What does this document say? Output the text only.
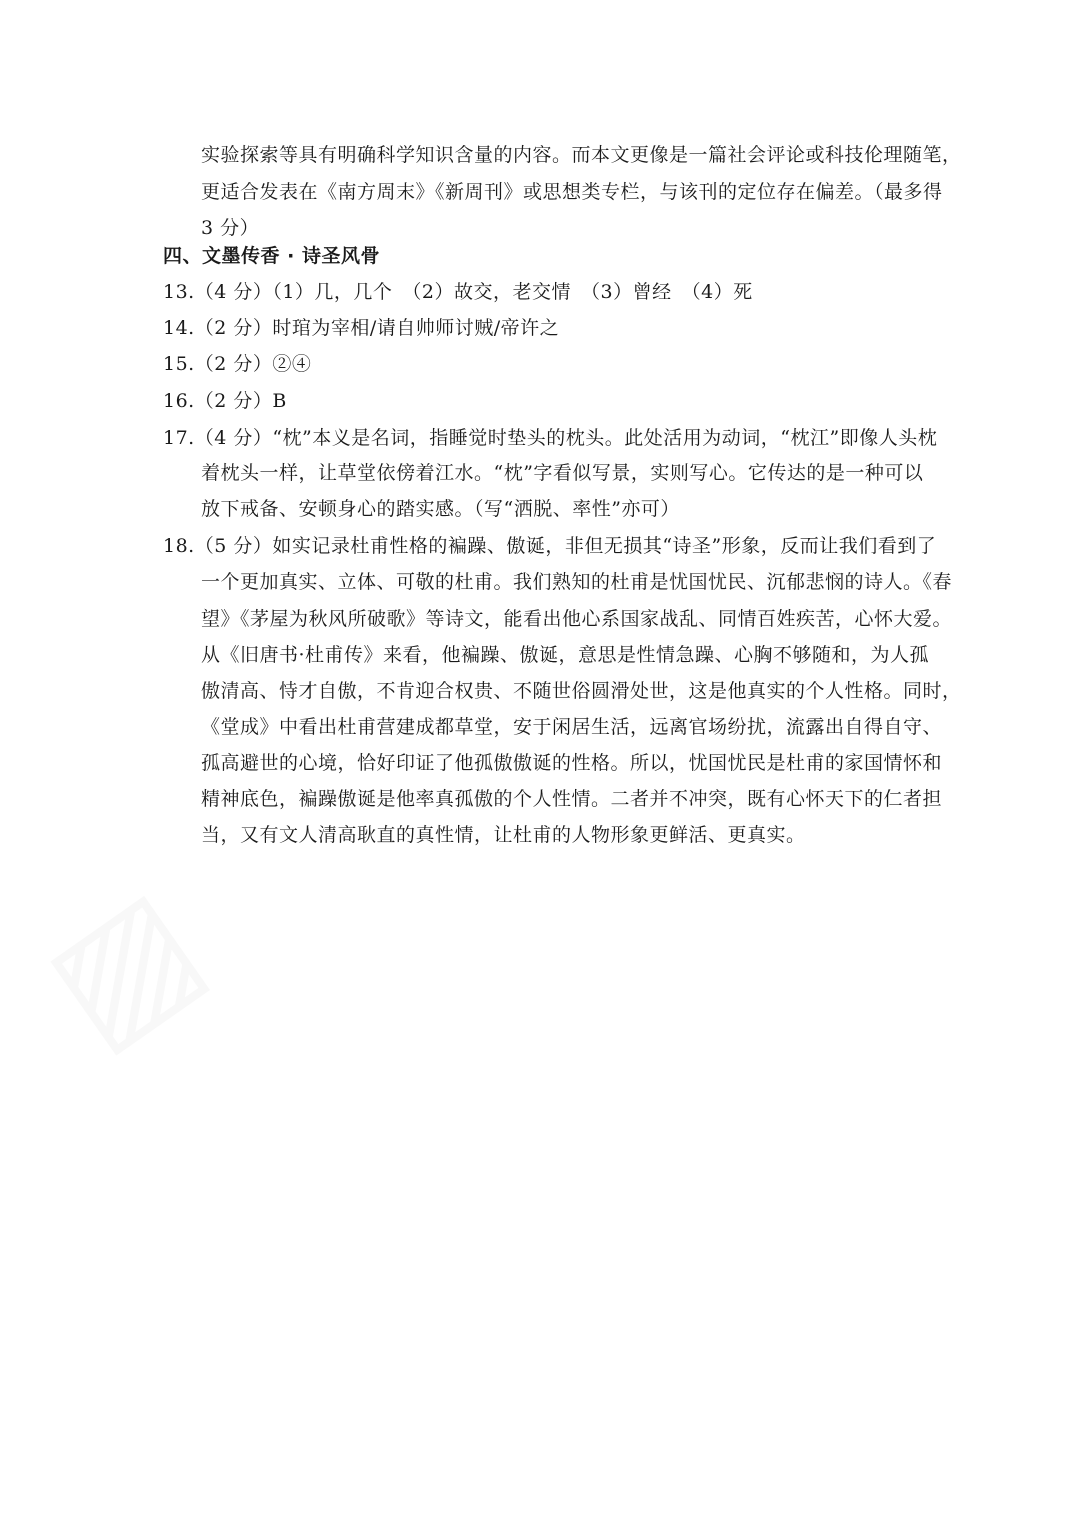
▨
实验探索等具有明确科学知识含量的内容。而本文更像是一篇社会评论或科技伦理随笔，
更适合发表在《南方周末》《新周刊》或思想类专栏，与该刊的定位存在偏差。（最多得
3 分）
四、文墨传香 · 诗圣风骨
13.（4 分）（1）几，几个　（2）故交，老交情　（3）曾经　（4）死
14.（2 分）时琯为宰相/请自帅师讨贼/帝许之
15.（2 分）②④
16.（2 分）B
17.（4 分）“枕”本义是名词，指睡觉时垫头的枕头。此处活用为动词，“枕江”即像人头枕
着枕头一样，让草堂依傍着江水。“枕”字看似写景，实则写心。它传达的是一种可以
放下戒备、安顿身心的踏实感。（写“洒脱、率性”亦可）
18.（5 分）如实记录杜甫性格的褊躁、傲诞，非但无损其“诗圣”形象，反而让我们看到了
一个更加真实、立体、可敬的杜甫。我们熟知的杜甫是忧国忧民、沉郁悲悯的诗人。《春
望》《茅屋为秋风所破歌》等诗文，能看出他心系国家战乱、同情百姓疾苦，心怀大爱。
从《旧唐书·杜甫传》来看，他褊躁、傲诞，意思是性情急躁、心胸不够随和，为人孤
傲清高、恃才自傲，不肯迎合权贵、不随世俗圆滑处世，这是他真实的个人性格。同时，
《堂成》中看出杜甫营建成都草堂，安于闲居生活，远离官场纷扰，流露出自得自守、
孤高避世的心境，恰好印证了他孤傲傲诞的性格。所以，忧国忧民是杜甫的家国情怀和
精神底色，褊躁傲诞是他率真孤傲的个人性情。二者并不冲突，既有心怀天下的仁者担
当，又有文人清高耿直的真性情，让杜甫的人物形象更鲜活、更真实。
